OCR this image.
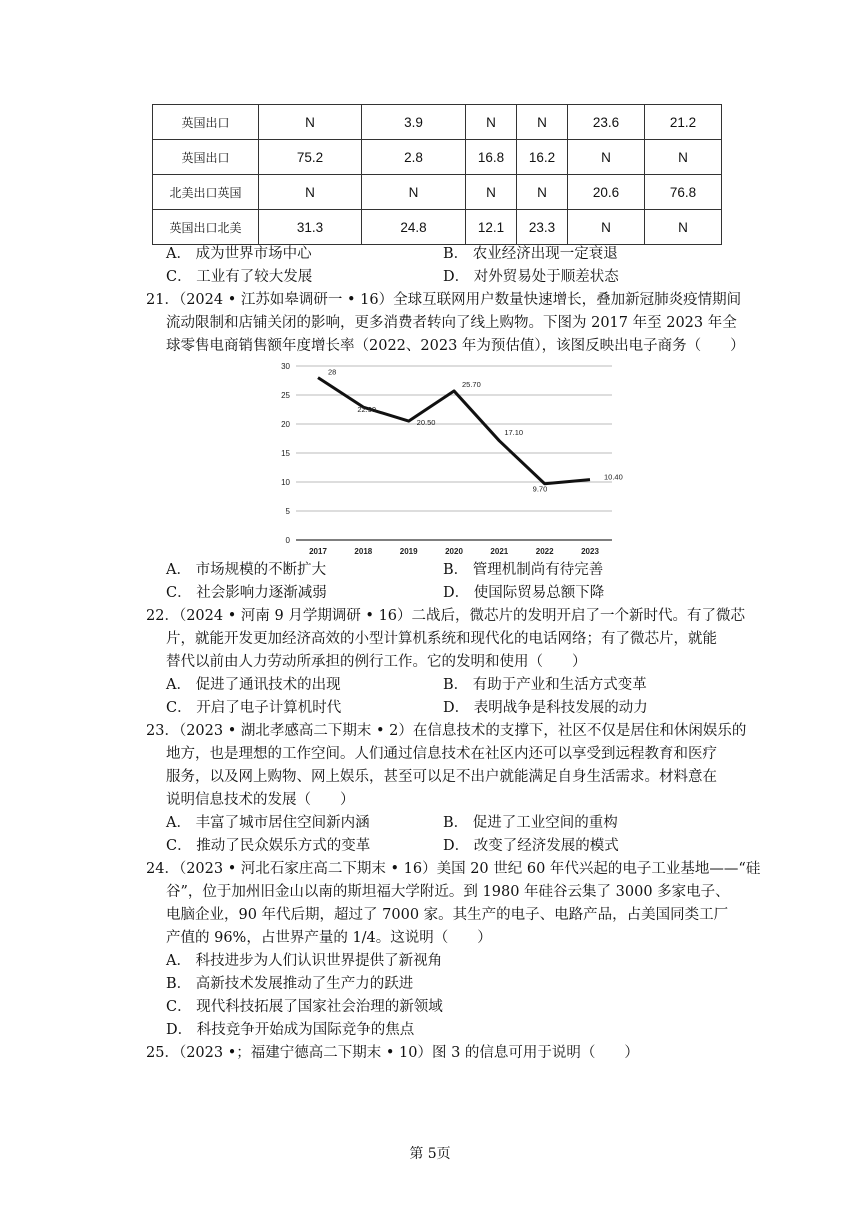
英国出口	N	3.9	N	N	23.6	21.2
英国出口	75.2	2.8	16.8	16.2	N	N
北美出口英国	N	N	N	N	20.6	76.8
英国出口北美	31.3	24.8	12.1	23.3	N	N
A． 成为世界市场中心	B． 农业经济出现一定衰退
C． 工业有了较大发展	D． 对外贸易处于顺差状态
21．（2024 • 江苏如皋调研一 • 16）全球互联网用户数量快速增长，叠加新冠肺炎疫情期间
流动限制和店铺关闭的影响，更多消费者转向了线上购物。下图为 2017 年至 2023 年全
球零售电商销售额年度增长率（2022、2023 年为预估值），该图反映出电子商务（　　）
0
5
10
15
20
25
30
2017	2018	2019	2020	2021	2022	2023
28
22.90
20.50
25.70
17.10
9.70
10.40
A． 市场规模的不断扩大	B． 管理机制尚有待完善
C． 社会影响力逐渐减弱	D． 使国际贸易总额下降
22．（2024 • 河南 9 月学期调研 • 16）二战后，微芯片的发明开启了一个新时代。有了微芯
片，就能开发更加经济高效的小型计算机系统和现代化的电话网络；有了微芯片，就能
替代以前由人力劳动所承担的例行工作。它的发明和使用（　　）
A． 促进了通讯技术的出现	B． 有助于产业和生活方式变革
C． 开启了电子计算机时代	D． 表明战争是科技发展的动力
23．（2023 • 湖北孝感高二下期末 • 2）在信息技术的支撑下，社区不仅是居住和休闲娱乐的
地方，也是理想的工作空间。人们通过信息技术在社区内还可以享受到远程教育和医疗
服务，以及网上购物、网上娱乐，甚至可以足不出户就能满足自身生活需求。材料意在
说明信息技术的发展（　　）
A． 丰富了城市居住空间新内涵	B． 促进了工业空间的重构
C． 推动了民众娱乐方式的变革	D． 改变了经济发展的模式
24．（2023 • 河北石家庄高二下期末 • 16）美国 20 世纪 60 年代兴起的电子工业基地——“硅
谷”，位于加州旧金山以南的斯坦福大学附近。到 1980 年硅谷云集了 3000 多家电子、
电脑企业，90 年代后期，超过了 7000 家。其生产的电子、电路产品，占美国同类工厂
产值的 96%，占世界产量的 1/4。这说明（　　）
A． 科技进步为人们认识世界提供了新视角
B． 高新技术发展推动了生产力的跃进
C． 现代科技拓展了国家社会治理的新领域
D． 科技竞争开始成为国际竞争的焦点
25．（2023 •；福建宁德高二下期末 • 10）图 3 的信息可用于说明（　　）
第 5页
